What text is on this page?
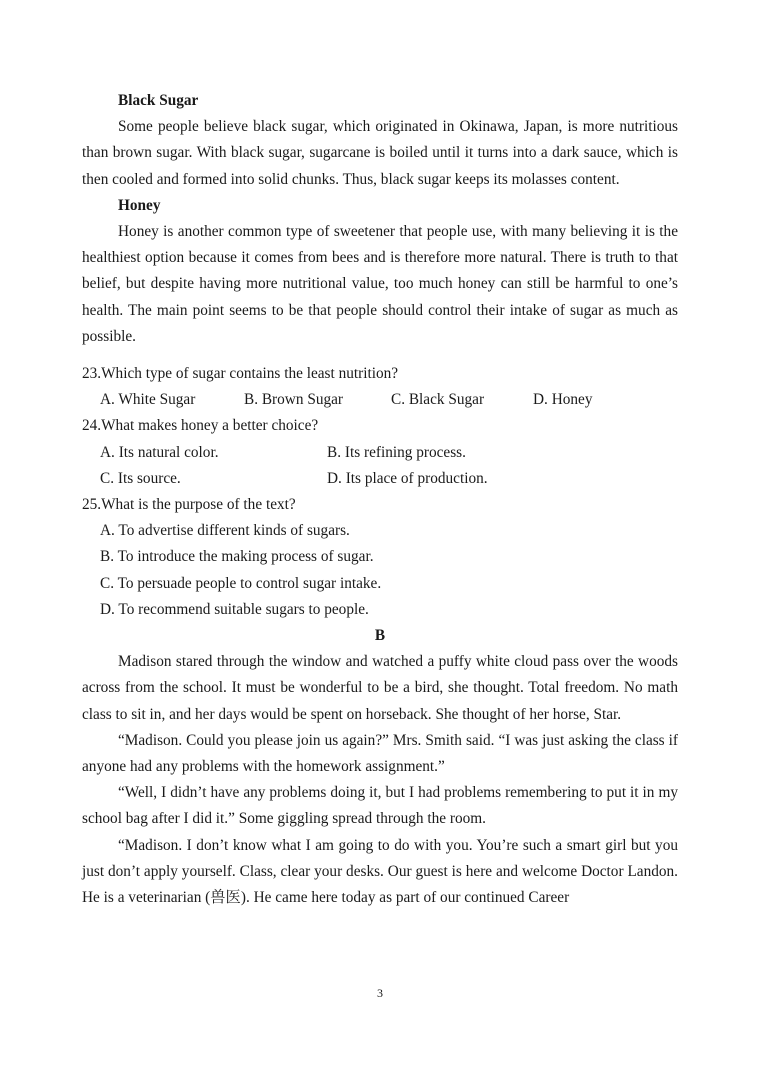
Black Sugar

Some people believe black sugar, which originated in Okinawa, Japan, is more nutritious than brown sugar. With black sugar, sugarcane is boiled until it turns into a dark sauce, which is then cooled and formed into solid chunks. Thus, black sugar keeps its molasses content.

Honey

Honey is another common type of sweetener that people use, with many believing it is the healthiest option because it comes from bees and is therefore more natural. There is truth to that belief, but despite having more nutritional value, too much honey can still be harmful to one’s health. The main point seems to be that people should control their intake of sugar as much as possible.

23.Which type of sugar contains the least nutrition?

A. White Sugar	B. Brown Sugar	C. Black Sugar	D. Honey

24.What makes honey a better choice?

A. Its natural color.	B. Its refining process.
C. Its source.	D. Its place of production.

25.What is the purpose of the text?

A. To advertise different kinds of sugars.

B. To introduce the making process of sugar.

C. To persuade people to control sugar intake.

D. To recommend suitable sugars to people.

B

Madison stared through the window and watched a puffy white cloud pass over the woods across from the school. It must be wonderful to be a bird, she thought. Total freedom. No math class to sit in, and her days would be spent on horseback. She thought of her horse, Star.

“Madison. Could you please join us again?” Mrs. Smith said. “I was just asking the class if anyone had any problems with the homework assignment.”

“Well, I didn’t have any problems doing it, but I had problems remembering to put it in my school bag after I did it.” Some giggling spread through the room.

“Madison. I don’t know what I am going to do with you. You’re such a smart girl but you just don’t apply yourself. Class, clear your desks. Our guest is here and welcome Doctor Landon. He is a veterinarian (兽医). He came here today as part of our continued Career

3
